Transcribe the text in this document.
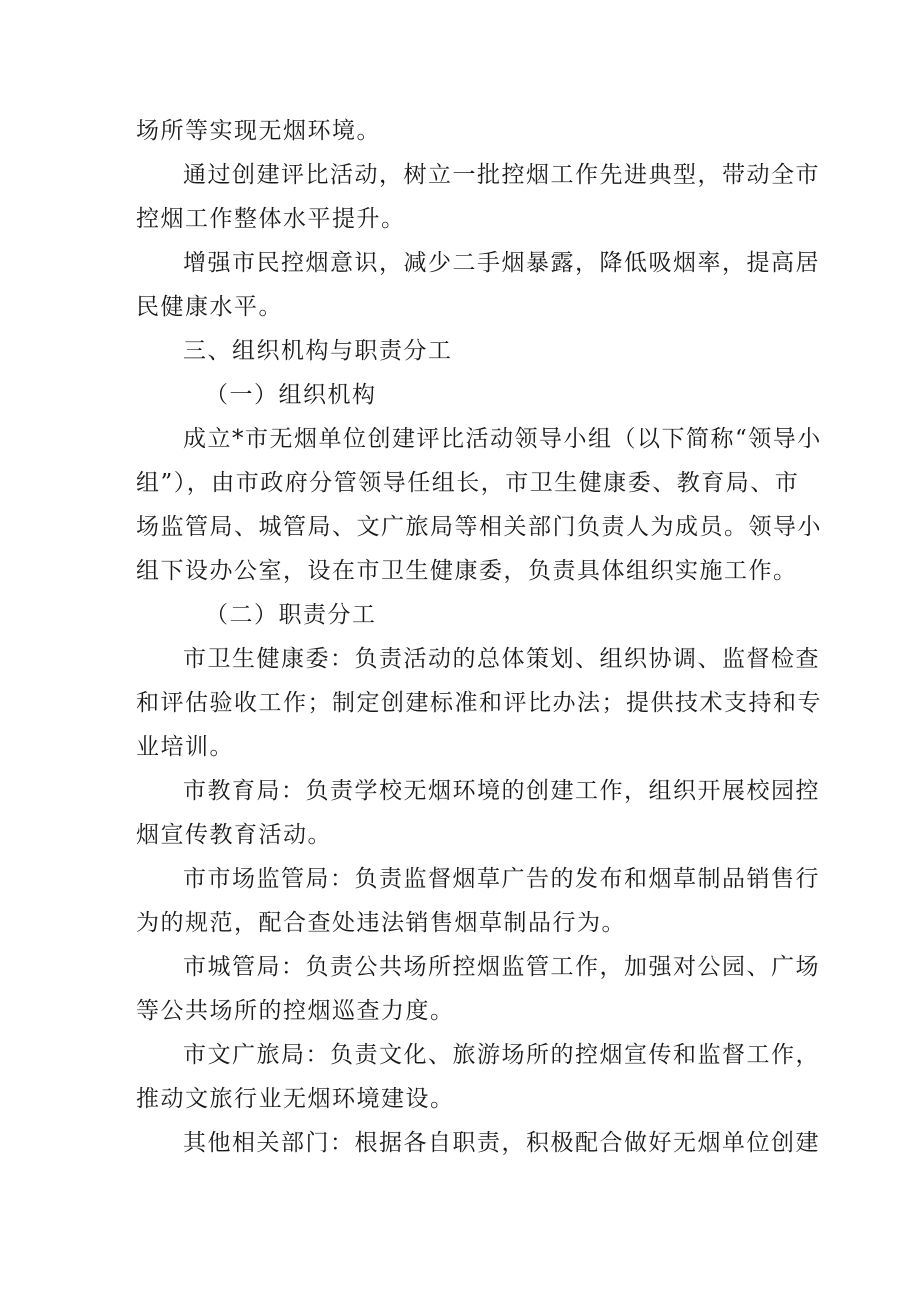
场所等实现无烟环境。
通过创建评比活动，树立一批控烟工作先进典型，带动全市
控烟工作整体水平提升。
增强市民控烟意识，减少二手烟暴露，降低吸烟率，提高居
民健康水平。
三、组织机构与职责分工
（一）组织机构
成立*市无烟单位创建评比活动领导小组（以下简称“领导小
组”），由市政府分管领导任组长，市卫生健康委、教育局、市
场监管局、城管局、文广旅局等相关部门负责人为成员。领导小
组下设办公室，设在市卫生健康委，负责具体组织实施工作。
（二）职责分工
市卫生健康委：负责活动的总体策划、组织协调、监督检查
和评估验收工作；制定创建标准和评比办法；提供技术支持和专
业培训。
市教育局：负责学校无烟环境的创建工作，组织开展校园控
烟宣传教育活动。
市市场监管局：负责监督烟草广告的发布和烟草制品销售行
为的规范，配合查处违法销售烟草制品行为。
市城管局：负责公共场所控烟监管工作，加强对公园、广场
等公共场所的控烟巡查力度。
市文广旅局：负责文化、旅游场所的控烟宣传和监督工作，
推动文旅行业无烟环境建设。
其他相关部门：根据各自职责，积极配合做好无烟单位创建
